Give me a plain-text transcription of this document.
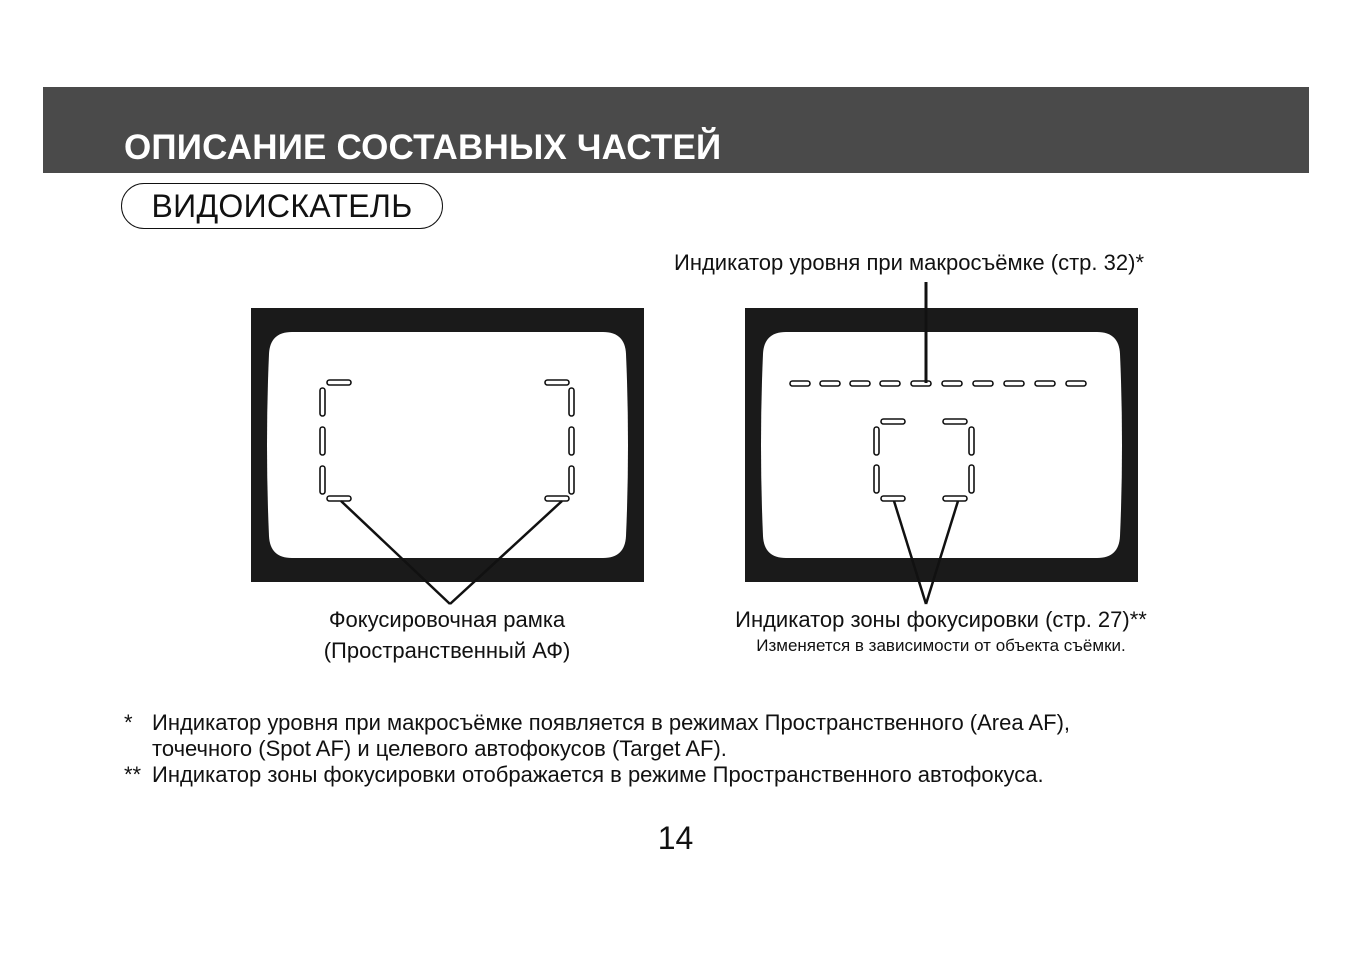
ОПИСАНИЕ СОСТАВНЫХ ЧАСТЕЙ
ВИДОИСКАТЕЛЬ
Индикатор уровня при макросъёмке (стр. 32)*
Фокусировочная рамка
(Пространственный АФ)
Индикатор зоны фокусировки (стр. 27)**
Изменяется в зависимости от объекта съёмки.
* Индикатор уровня при макросъёмке появляется в режимах Пространственного (Area AF),
точечного (Spot AF) и целевого автофокусов (Target AF).
** Индикатор зоны фокусировки отображается в режиме Пространственного автофокуса.
14
